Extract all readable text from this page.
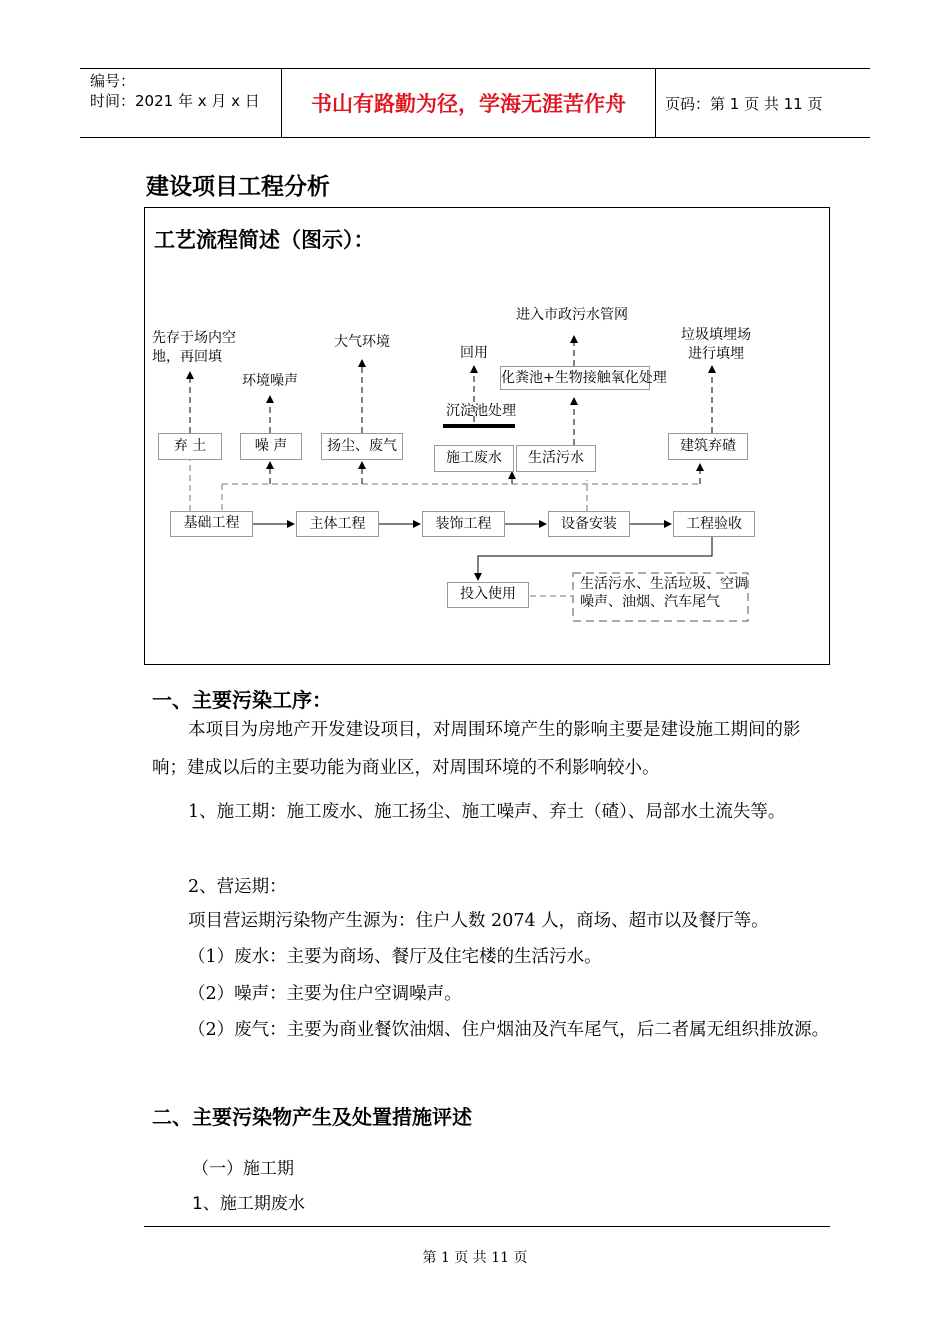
编号：
时间：2021 年 x 月 x 日	书山有路勤为径，学海无涯苦作舟	页码：第 1 页 共 11 页
建设项目工程分析
工艺流程简述（图示）：
先存于场内空地，再回填
环境噪声
大气环境
回用
进入市政污水管网
垃圾填埋场进行填埋
沉淀池处理
化粪池+生物接触氧化处理
弃 土	噪 声	扬尘、废气
施工废水	生活污水
建筑弃碴
基础工程	主体工程	装饰工程	设备安装	工程验收
投入使用
生活污水、生活垃圾、空调噪声、油烟、汽车尾气
一、主要污染工序：
本项目为房地产开发建设项目，对周围环境产生的影响主要是建设施工期间的影响；建成以后的主要功能为商业区，对周围环境的不利影响较小。
1、施工期：施工废水、施工扬尘、施工噪声、弃土（碴）、局部水土流失等。
2、营运期：
项目营运期污染物产生源为：住户人数 2074 人，商场、超市以及餐厅等。
（1）废水：主要为商场、餐厅及住宅楼的生活污水。
（2）噪声：主要为住户空调噪声。
（2）废气：主要为商业餐饮油烟、住户烟油及汽车尾气，后二者属无组织排放源。
二、主要污染物产生及处置措施评述
（一）施工期
1、施工期废水
第 1 页 共 11 页
